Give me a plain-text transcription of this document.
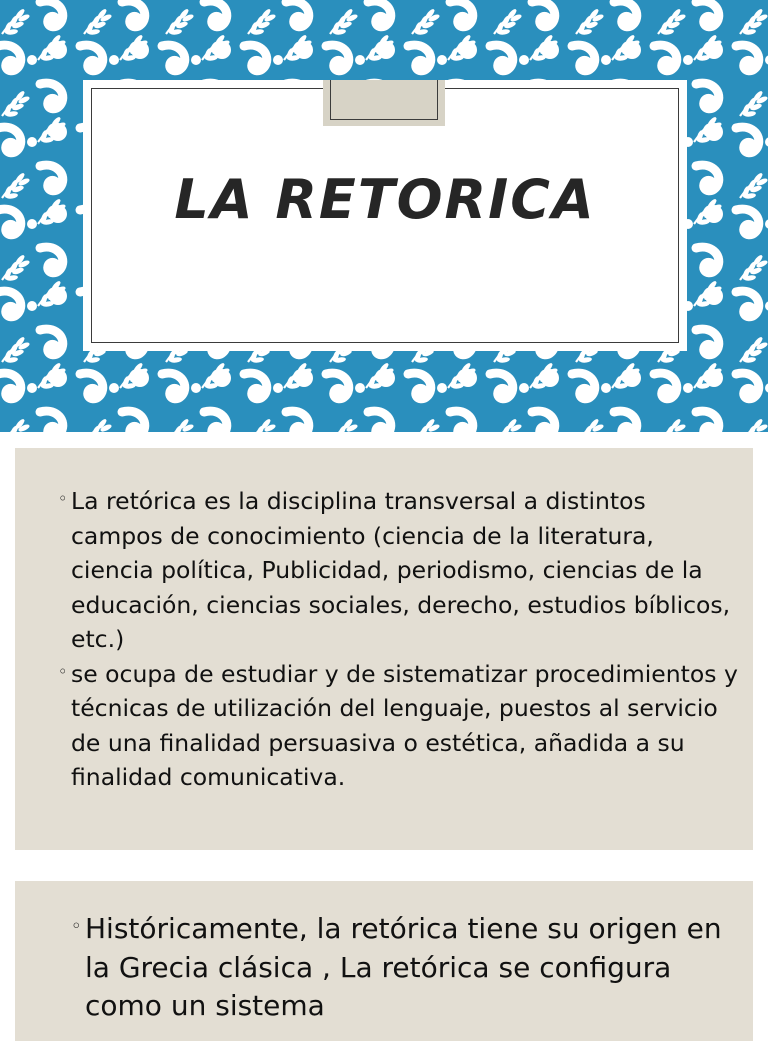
LA RETORICA
◦ La retórica es la disciplina transversal a distintos campos de conocimiento (ciencia de la literatura, ciencia política, Publicidad, periodismo, ciencias de la educación, ciencias sociales, derecho, estudios bíblicos, etc.)
◦ se ocupa de estudiar y de sistematizar procedimientos y técnicas de utilización del lenguaje, puestos al servicio de una finalidad persuasiva o estética, añadida a su finalidad comunicativa.
◦ Históricamente, la retórica tiene su origen en la Grecia clásica , La retórica se configura como un sistema
